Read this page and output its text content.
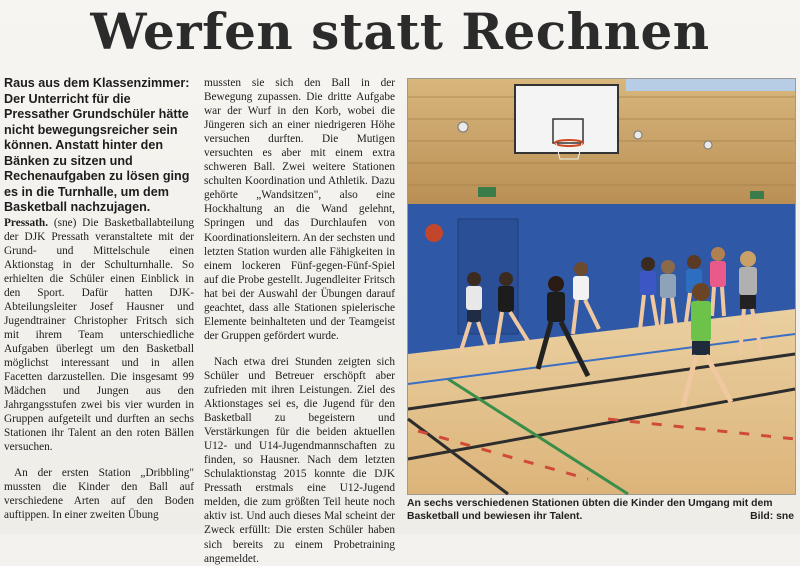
Werfen statt Rechnen

Raus aus dem Klassenzimmer: Der Unterricht für die Pressather Grundschüler hätte nicht bewegungsreicher sein können. Anstatt hinter den Bänken zu sitzen und Rechenaufgaben zu lösen ging es in die Turnhalle, um dem Basketball nachzujagen.

Pressath. (sne) Die Basketballabteilung der DJK Pressath veranstaltete mit der Grund- und Mittelschule einen Aktionstag in der Schulturnhalle. So erhielten die Schüler einen Einblick in den Sport. Dafür hatten DJK-Abteilungsleiter Josef Hausner und Jugendtrainer Christopher Fritsch sich mit ihrem Team unterschiedliche Aufgaben überlegt um den Basketball möglichst interessant und in allen Facetten darzustellen. Die insgesamt 99 Mädchen und Jungen aus den Jahrgangsstufen zwei bis vier wurden in Gruppen aufgeteilt und durften an sechs Stationen ihr Talent an den roten Bällen versuchen.

An der ersten Station „Dribbling" mussten die Kinder den Ball auf verschiedene Arten auf den Boden auftippen. In einer zweiten Übung

mussten sie sich den Ball in der Bewegung zupassen. Die dritte Aufgabe war der Wurf in den Korb, wobei die Jüngeren sich an einer niedrigeren Höhe versuchen durften. Die Mutigen versuchten es aber mit einem extra schweren Ball. Zwei weitere Stationen schulten Koordination und Athletik. Dazu gehörte „Wandsitzen", also eine Hockhaltung an die Wand gelehnt, Springen und das Durchlaufen von Koordinationsleitern. An der sechsten und letzten Station wurden alle Fähigkeiten in einem lockeren Fünf-gegen-Fünf-Spiel auf die Probe gestellt. Jugendleiter Fritsch hat bei der Auswahl der Übungen darauf geachtet, dass alle Stationen spielerische Elemente beinhalteten und der Teamgeist der Gruppen gefördert wurde.

Nach etwa drei Stunden zeigten sich Schüler und Betreuer erschöpft aber zufrieden mit ihren Leistungen. Ziel des Aktionstages sei es, die Jugend für den Basketball zu begeistern und Verstärkungen für die beiden aktuellen U12- und U14-Jugendmannschaften zu finden, so Hausner. Nach dem letzten Schulaktionstag 2015 konnte die DJK Pressath erstmals eine U12-Jugend melden, die zum größten Teil heute noch aktiv ist. Und auch dieses Mal scheint der Zweck erfüllt: Die ersten Schüler haben sich bereits zu einem Probetraining angemeldet.

An sechs verschiedenen Stationen übten die Kinder den Umgang mit dem Basketball und bewiesen ihr Talent.	Bild: sne
